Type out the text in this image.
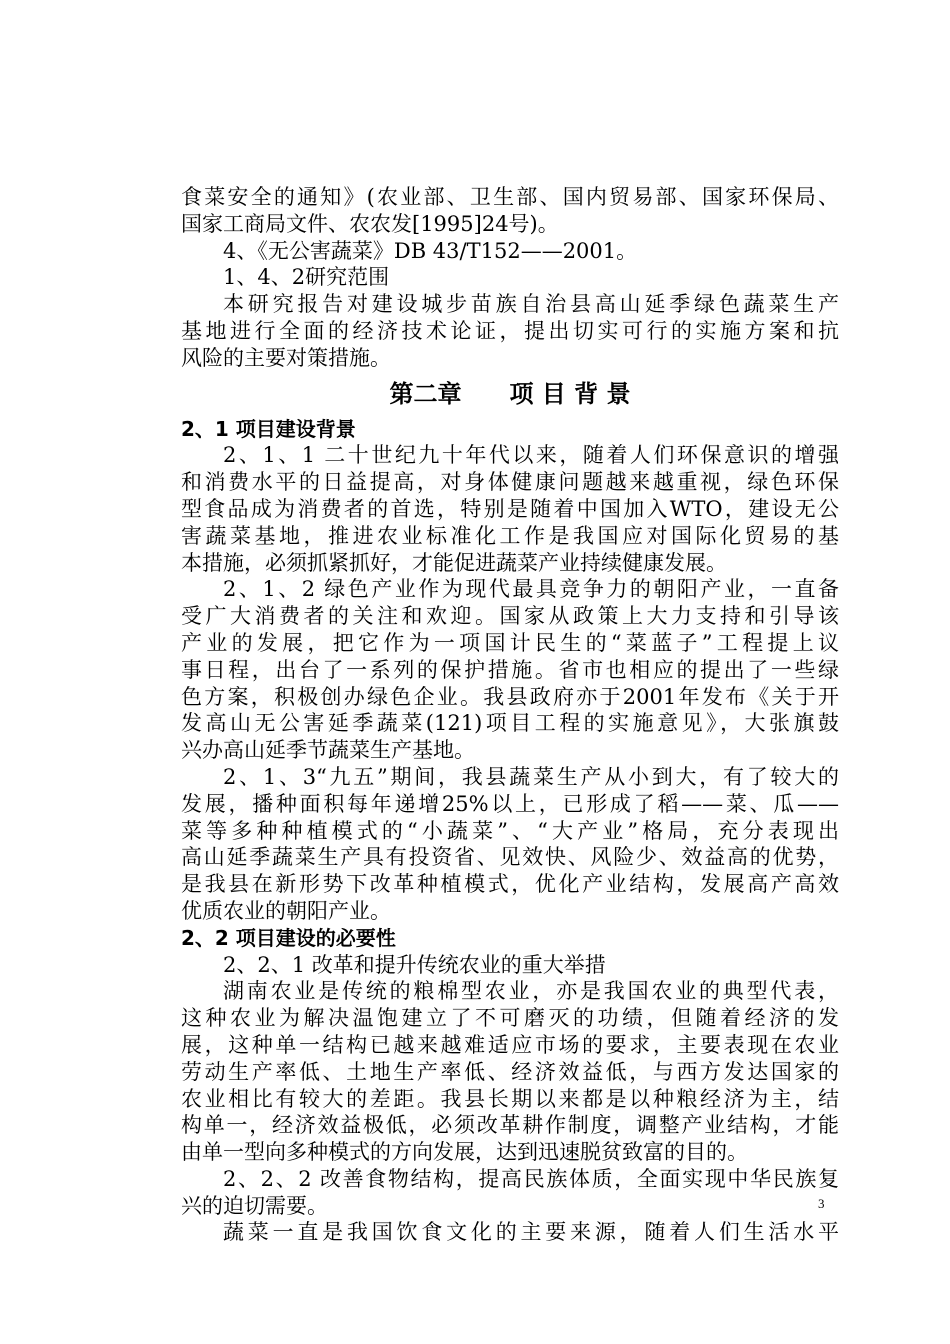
食菜安全的通知》(农业部、卫生部、国内贸易部、国家环保局、
国家工商局文件、农农发[1995]24号)。
4、《无公害蔬菜》DB 43/T152——2001。
1、4、2研究范围
本研究报告对建设城步苗族自治县高山延季绿色蔬菜生产
基地进行全面的经济技术论证，提出切实可行的实施方案和抗
风险的主要对策措施。
第二章　　项 目 背 景
2、1 项目建设背景
2、1、1 二十世纪九十年代以来，随着人们环保意识的增强
和消费水平的日益提高，对身体健康问题越来越重视，绿色环保
型食品成为消费者的首选，特别是随着中国加入WTO，建设无公
害蔬菜基地，推进农业标准化工作是我国应对国际化贸易的基
本措施，必须抓紧抓好，才能促进蔬菜产业持续健康发展。
2、1、2 绿色产业作为现代最具竞争力的朝阳产业，一直备
受广大消费者的关注和欢迎。国家从政策上大力支持和引导该
产业的发展，把它作为一项国计民生的“菜蓝子”工程提上议
事日程，出台了一系列的保护措施。省市也相应的提出了一些绿
色方案，积极创办绿色企业。我县政府亦于2001年发布《关于开
发高山无公害延季蔬菜(121)项目工程的实施意见》，大张旗鼓
兴办高山延季节蔬菜生产基地。
2、1、3“九五”期间，我县蔬菜生产从小到大，有了较大的
发展，播种面积每年递增25%以上，已形成了稻——菜、瓜——
菜等多种种植模式的“小蔬菜”、“大产业”格局，充分表现出
高山延季蔬菜生产具有投资省、见效快、风险少、效益高的优势，
是我县在新形势下改革种植模式，优化产业结构，发展高产高效
优质农业的朝阳产业。
2、2 项目建设的必要性
2、2、1 改革和提升传统农业的重大举措
湖南农业是传统的粮棉型农业，亦是我国农业的典型代表，
这种农业为解决温饱建立了不可磨灭的功绩，但随着经济的发
展，这种单一结构已越来越难适应市场的要求，主要表现在农业
劳动生产率低、土地生产率低、经济效益低，与西方发达国家的
农业相比有较大的差距。我县长期以来都是以种粮经济为主，结
构单一，经济效益极低，必须改革耕作制度，调整产业结构，才能
由单一型向多种模式的方向发展，达到迅速脱贫致富的目的。
2、2、2 改善食物结构，提高民族体质，全面实现中华民族复
兴的迫切需要。
蔬菜一直是我国饮食文化的主要来源，随着人们生活水平
3
